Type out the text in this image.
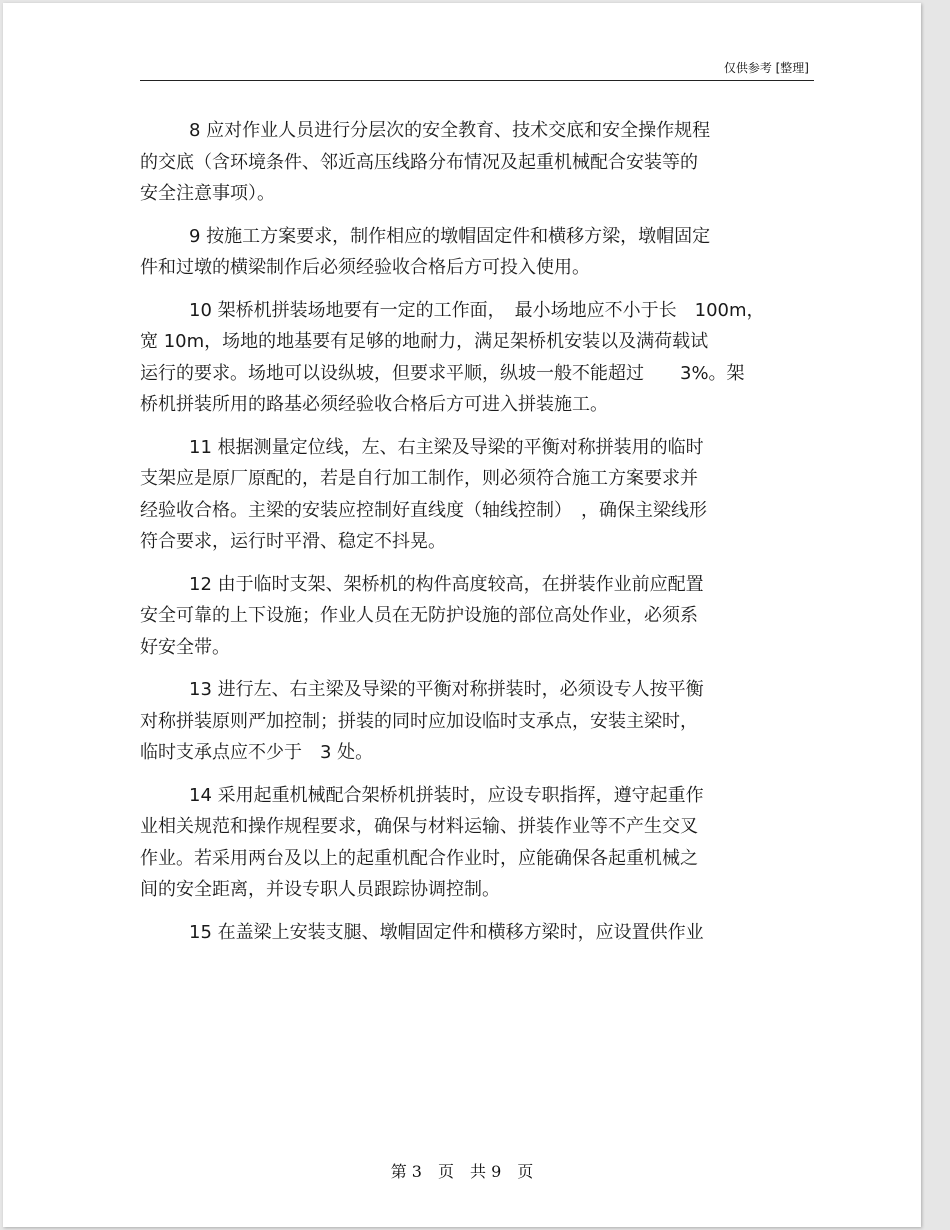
仅供参考 [整理]
8 应对作业人员进行分层次的安全教育、技术交底和安全操作规程
的交底（含环境条件、邻近高压线路分布情况及起重机械配合安装等的
安全注意事项）。
9 按施工方案要求，制作相应的墩帽固定件和横移方梁，墩帽固定
件和过墩的横梁制作后必须经验收合格后方可投入使用。
10 架桥机拼装场地要有一定的工作面，　最小场地应不小于长　100m，
宽 10m，场地的地基要有足够的地耐力，满足架桥机安装以及满荷载试
运行的要求。场地可以设纵坡，但要求平顺，纵坡一般不能超过　　3%。架
桥机拼装所用的路基必须经验收合格后方可进入拼装施工。
11 根据测量定位线，左、右主梁及导梁的平衡对称拼装用的临时
支架应是原厂原配的，若是自行加工制作，则必须符合施工方案要求并
经验收合格。主梁的安装应控制好直线度（轴线控制）　，确保主梁线形
符合要求，运行时平滑、稳定不抖晃。
12 由于临时支架、架桥机的构件高度较高，在拼装作业前应配置
安全可靠的上下设施；作业人员在无防护设施的部位高处作业，必须系
好安全带。
13 进行左、右主梁及导梁的平衡对称拼装时，必须设专人按平衡
对称拼装原则严加控制；拼装的同时应加设临时支承点，安装主梁时，
临时支承点应不少于　3 处。
14 采用起重机械配合架桥机拼装时，应设专职指挥，遵守起重作
业相关规范和操作规程要求，确保与材料运输、拼装作业等不产生交叉
作业。若采用两台及以上的起重机配合作业时，应能确保各起重机械之
间的安全距离，并设专职人员跟踪协调控制。
15 在盖梁上安装支腿、墩帽固定件和横移方梁时，应设置供作业
第 3　页　共 9　页
